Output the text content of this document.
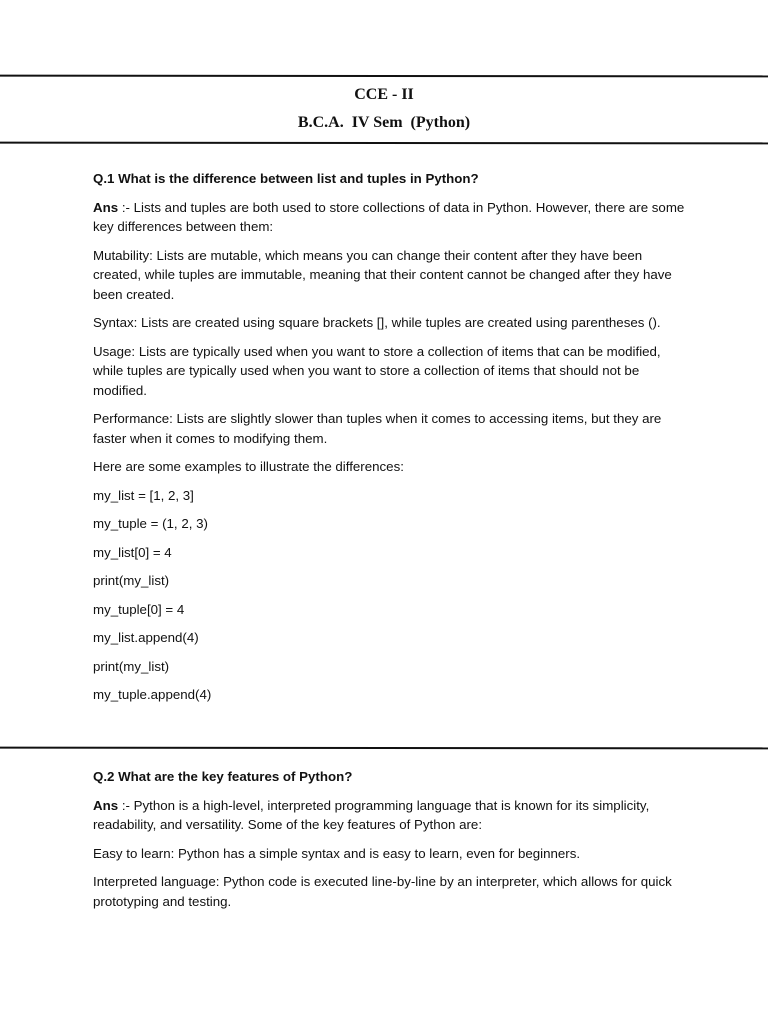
CCE - II
B.C.A.  IV Sem  (Python)

Q.1 What is the difference between list and tuples in Python?

Ans :- Lists and tuples are both used to store collections of data in Python. However, there are some key differences between them:

Mutability: Lists are mutable, which means you can change their content after they have been created, while tuples are immutable, meaning that their content cannot be changed after they have been created.

Syntax: Lists are created using square brackets [], while tuples are created using parentheses ().

Usage: Lists are typically used when you want to store a collection of items that can be modified, while tuples are typically used when you want to store a collection of items that should not be modified.

Performance: Lists are slightly slower than tuples when it comes to accessing items, but they are faster when it comes to modifying them.

Here are some examples to illustrate the differences:

my_list = [1, 2, 3]

my_tuple = (1, 2, 3)

my_list[0] = 4

print(my_list)

my_tuple[0] = 4

my_list.append(4)

print(my_list)

my_tuple.append(4)

Q.2 What are the key features of Python?

Ans :- Python is a high-level, interpreted programming language that is known for its simplicity, readability, and versatility. Some of the key features of Python are:

Easy to learn: Python has a simple syntax and is easy to learn, even for beginners.

Interpreted language: Python code is executed line-by-line by an interpreter, which allows for quick prototyping and testing.
